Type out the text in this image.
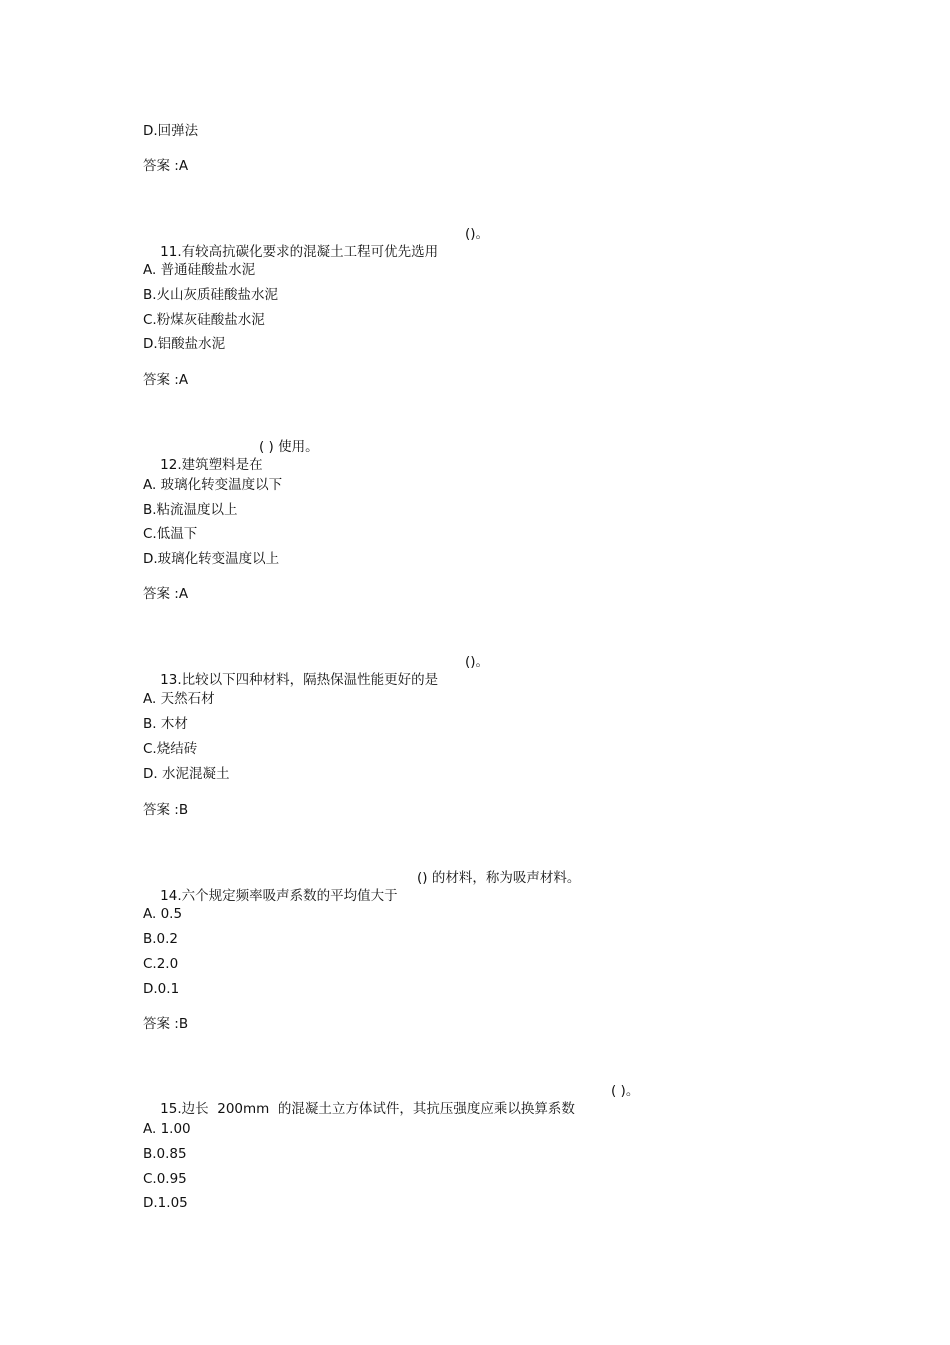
D.回弹法
答案 :A

11.有较高抗碳化要求的混凝土工程可优先选用
()。

A. 普通硅酸盐水泥
B.火山灰质硅酸盐水泥
C.粉煤灰硅酸盐水泥
D.铝酸盐水泥
答案 :A

12.建筑塑料是在
( ) 使用。

A. 玻璃化转变温度以下
B.粘流温度以上
C.低温下
D.玻璃化转变温度以上
答案 :A

13.比较以下四种材料，隔热保温性能更好的是
()。

A. 天然石材
B. 木材
C.烧结砖
D. 水泥混凝土
答案 :B

14.六个规定频率吸声系数的平均值大于
() 的材料，称为吸声材料。

A. 0.5
B.0.2
C.2.0
D.0.1
答案 :B

15.边长  200mm  的混凝土立方体试件，其抗压强度应乘以换算系数
( )。

A. 1.00
B.0.85
C.0.95
D.1.05
